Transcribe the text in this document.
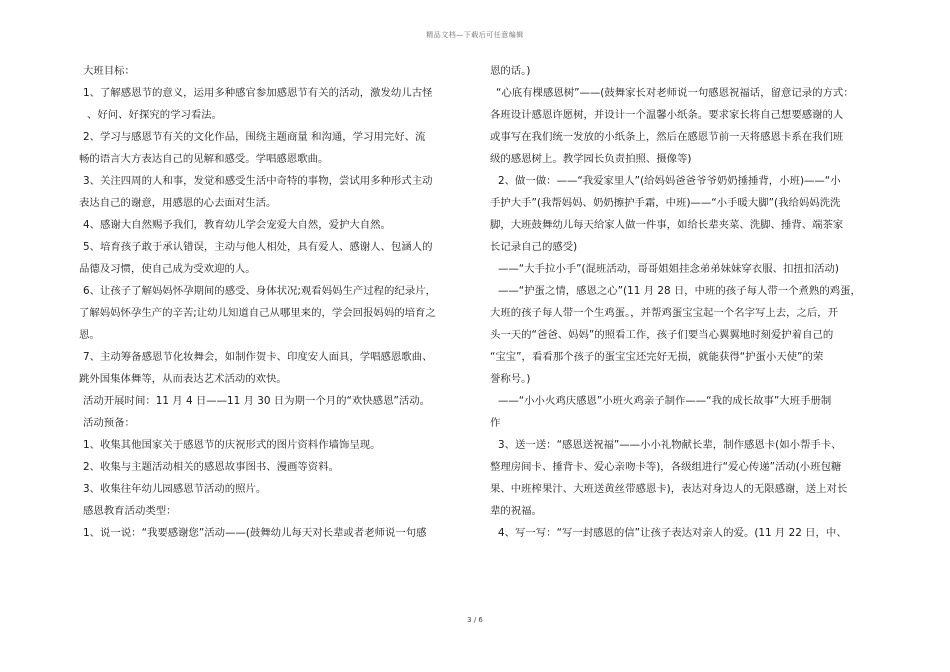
精品文档—下载后可任意编辑
大班目标：
1、了解感恩节的意义，运用多种感官参加感恩节有关的活动，激发幼儿古怪
、好问、好探究的学习看法。
2、学习与感恩节有关的文化作品，围绕主题商量 和沟通，学习用完好、流
畅的语言大方表达自己的见解和感受。学唱感恩歌曲。
3、关注四周的人和事，发觉和感受生活中奇特的事物，尝试用多种形式主动
表达自己的谢意，用感恩的心去面对生活。
4、感谢大自然赐予我们，教育幼儿学会宠爱大自然，爱护大自然。
5、培育孩子敢于承认错误，主动与他人相处，具有爱人、感谢人、包涵人的
品德及习惯，使自己成为受欢迎的人。
6、让孩子了解妈妈怀孕期间的感受、身体状况;观看妈妈生产过程的纪录片，
了解妈妈怀孕生产的辛苦;让幼儿知道自己从哪里来的，学会回报妈妈的培育之
恩。
7、主动筹备感恩节化妆舞会，如制作贺卡、印度安人面具，学唱感恩歌曲、
跳外国集体舞等，从而表达艺术活动的欢快。
活动开展时间：11 月 4 日——11 月 30 日为期一个月的“欢快感恩”活动。
活动预备：
1、收集其他国家关于感恩节的庆祝形式的图片资料作墙饰呈现。
2、收集与主题活动相关的感恩故事图书、漫画等资料。
3、收集往年幼儿园感恩节活动的照片。
感恩教育活动类型：
1、说一说：“我要感谢您”活动——(鼓舞幼儿每天对长辈或者老师说一句感
恩的话。)
“心底有棵感恩树”——(鼓舞家长对老师说一句感恩祝福话，留意记录的方式：
各班设计感恩许愿树，并设计一个温馨小纸条。要求家长将自己想要感谢的人
或事写在我们统一发放的小纸条上，然后在感恩节前一天将感恩卡系在我们班
级的感恩树上。教学园长负责拍照、摄像等)
2、做一做：——“我爱家里人”(给妈妈爸爸爷爷奶奶捶捶背，小班)——“小
手护大手”(我帮妈妈、奶奶擦护手霜，中班)——“小手暖大脚”(我给妈妈洗洗
脚，大班鼓舞幼儿每天给家人做一件事，如给长辈夹菜、洗脚、捶背、端茶家
长记录自己的感受)
——“大手拉小手”(混班活动，哥哥姐姐挂念弟弟妹妹穿衣服、扣扭扣活动)
——“护蛋之情，感恩之心”(11 月 28 日，中班的孩子每人带一个煮熟的鸡蛋，
大班的孩子每人带一个生鸡蛋。，并帮鸡蛋宝宝起一个名字写上去，之后，开
头一天的“爸爸、妈妈”的照看工作，孩子们要当心翼翼地时刻爱护着自己的
“宝宝”，看看那个孩子的蛋宝宝还完好无损，就能获得“护蛋小天使”的荣
誉称号。)
——“小小火鸡庆感恩”小班火鸡亲子制作——“我的成长故事”大班手册制
作
3、送一送：“感恩送祝福”——小小礼物献长辈，制作感恩卡(如小帮手卡、
整理房间卡、捶背卡、爱心亲吻卡等)，各级组进行“爱心传递”活动(小班包糖
果、中班榨果汁、大班送黄丝带感恩卡)，表达对身边人的无限感谢，送上对长
辈的祝福。
4、写一写：“写一封感恩的信”让孩子表达对亲人的爱。(11 月 22 日，中、
3 / 6
